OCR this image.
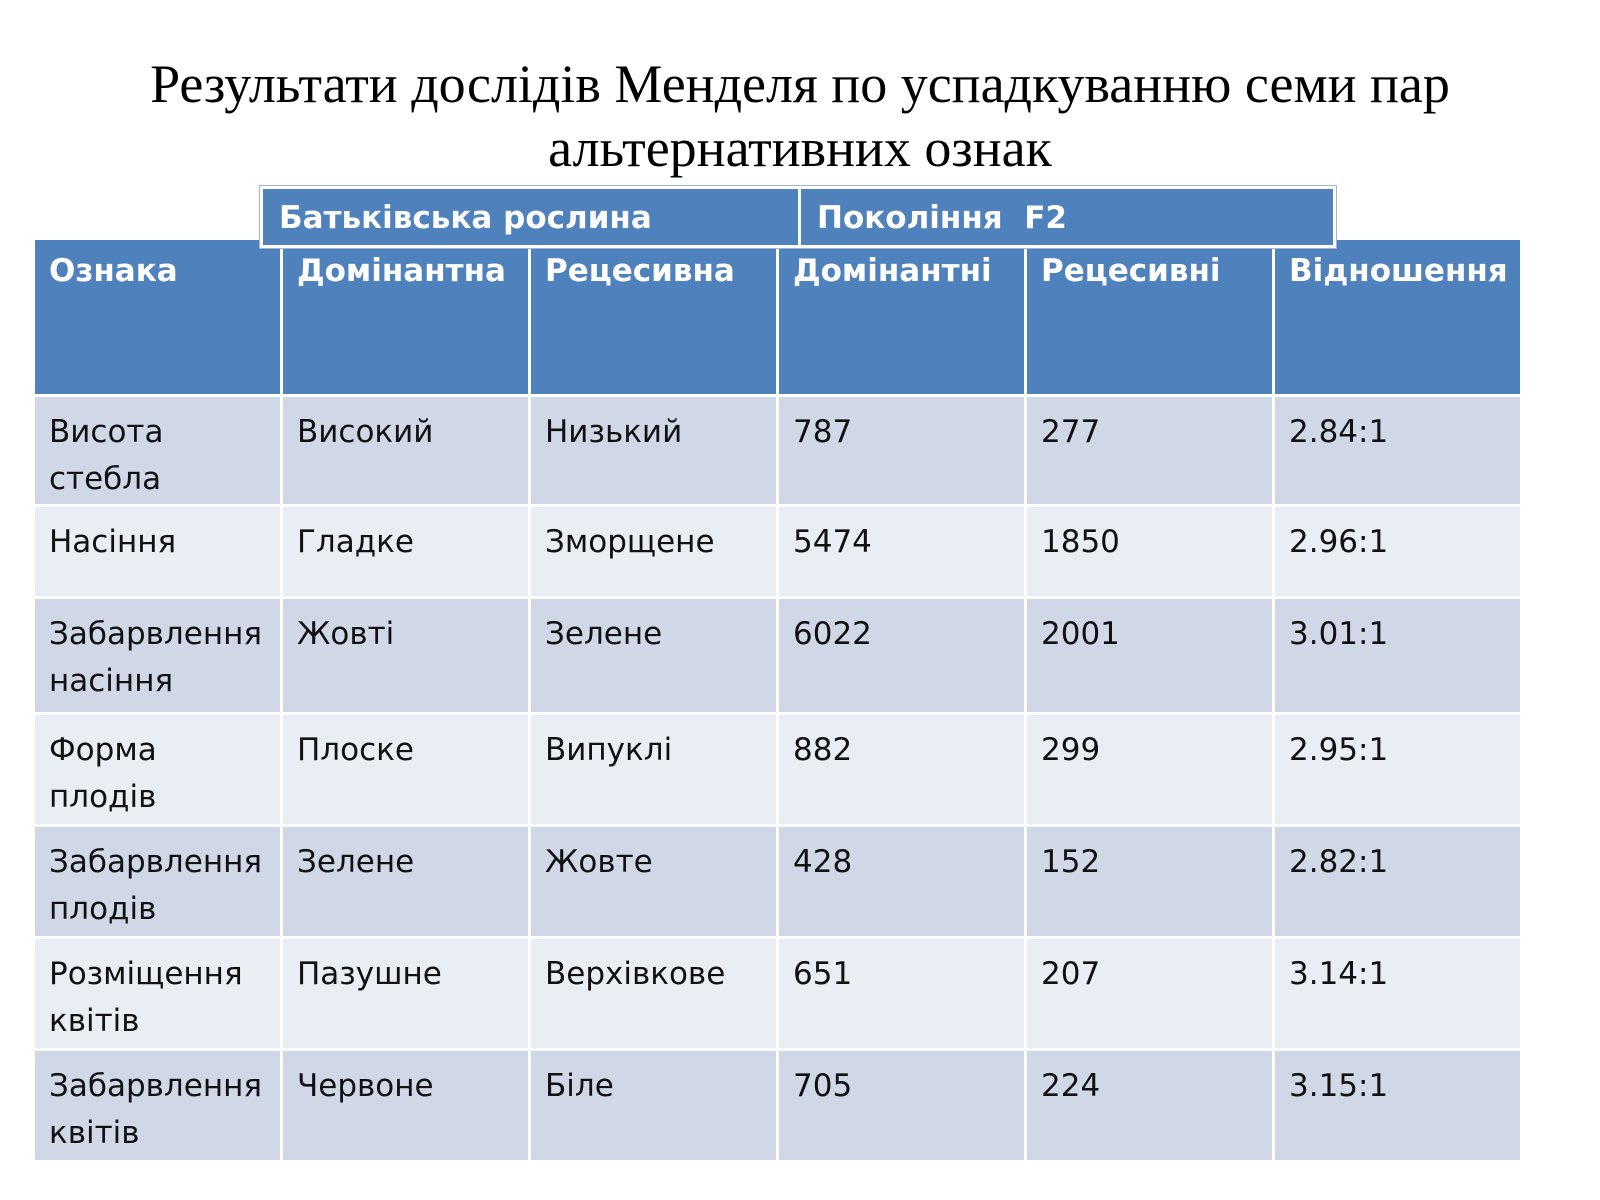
Результати дослідів Менделя по успадкуванню семи пар
альтернативних ознак
Батьківська рослина	Покоління  F2
Ознака	Домінантна	Рецесивна	Домінантні	Рецесивні	Відношення
Висота стебла	Високий	Низький	787	277	2.84:1
Насіння	Гладке	Зморщене	5474	1850	2.96:1
Забарвлення насіння	Жовті	Зелене	6022	2001	3.01:1
Форма плодів	Плоске	Випуклі	882	299	2.95:1
Забарвлення плодів	Зелене	Жовте	428	152	2.82:1
Розміщення квітів	Пазушне	Верхівкове	651	207	3.14:1
Забарвлення квітів	Червоне	Біле	705	224	3.15:1
